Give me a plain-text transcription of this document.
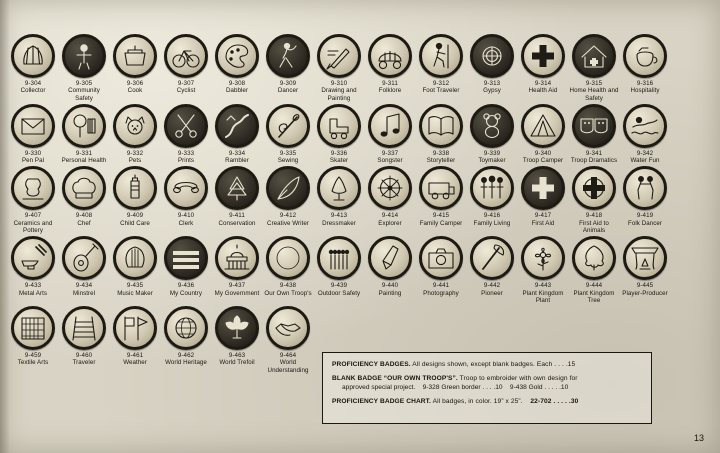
9-304
Collector
9-305
Community Safety
9-306
Cook
9-307
Cyclist
9-308
Dabbler
9-309
Dancer
9-310
Drawing and Painting
9-311
Folklore
9-312
Foot Traveler
9-313
Gypsy
9-314
Health Aid
9-315
Home Health and Safety
9-316
Hospitality
9-330
Pen Pal
9-331
Personal Health
9-332
Pets
9-333
Prints
9-334
Rambler
9-335
Sewing
9-336
Skater
9-337
Songster
9-338
Storyteller
9-339
Toymaker
9-340
Troop Camper
9-341
Troop Dramatics
9-342
Water Fun
9-407
Ceramics and Pottery
9-408
Chef
9-409
Child Care
9-410
Clerk
9-411
Conservation
9-412
Creative Writer
9-413
Dressmaker
9-414
Explorer
9-415
Family Camper
9-416
Family Living
9-417
First Aid
9-418
First Aid to Animals
9-419
Folk Dancer
9-433
Metal Arts
9-434
Minstrel
9-435
Music Maker
9-436
My Country
9-437
My Government
9-438
Our Own Troop's
9-439
Outdoor Safety
9-440
Painting
9-441
Photography
9-442
Pioneer
9-443
Plant Kingdom Plant
9-444
Plant Kingdom Tree
9-445
Player-Producer
9-459
Textile Arts
9-460
Traveler
9-461
Weather
9-462
World Heritage
9-463
World Trefoil
9-464
World Understanding
PROFICIENCY BADGES. All designs shown, except blank badges. Each . . . .15
BLANK BADGE “OUR OWN TROOP'S”. Troop to embroider with own design for
approved special project. 9-328 Green border . . . .10 9-438 Gold . . . . .10
PROFICIENCY BADGE CHART. All badges, in color. 19” x 25”. 22-702 . . . . .30
13
